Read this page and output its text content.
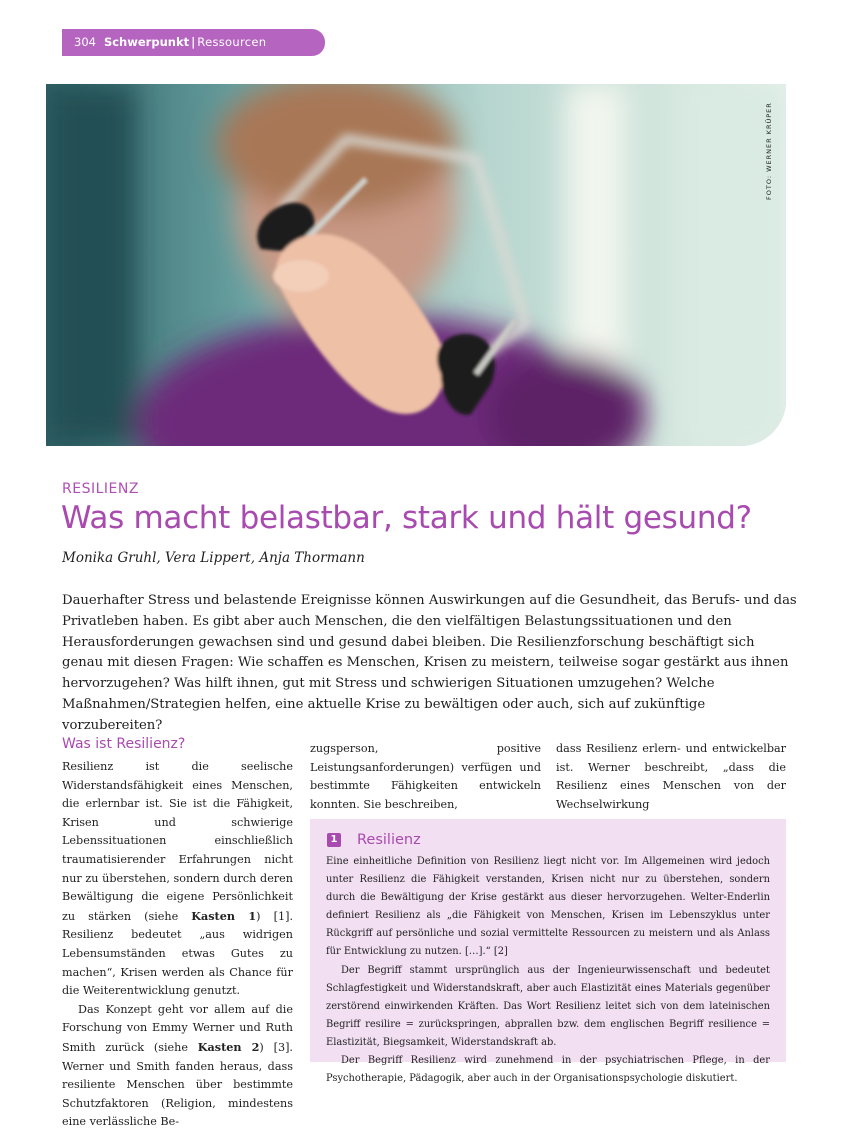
304 Schwerpunkt | Ressourcen
FOTO: WERNER KRÜPER
RESILIENZ
Was macht belastbar, stark und hält gesund?
Monika Gruhl, Vera Lippert, Anja Thormann
Dauerhafter Stress und belastende Ereignisse können Auswirkungen auf die Gesundheit, das Berufs- und das Privatleben haben. Es gibt aber auch Menschen, die den vielfältigen Belastungssituationen und den Herausforderungen gewachsen sind und gesund dabei bleiben. Die Resilienzforschung beschäftigt sich genau mit diesen Fragen: Wie schaffen es Menschen, Krisen zu meistern, teilweise sogar gestärkt aus ihnen hervorzugehen? Was hilft ihnen, gut mit Stress und schwierigen Situationen umzugehen? Welche Maßnahmen/Strategien helfen, eine aktuelle Krise zu bewältigen oder auch, sich auf zukünftige vorzubereiten?
Was ist Resilienz?

Resilienz ist die seelische Widerstandsfähigkeit eines Menschen, die erlernbar ist. Sie ist die Fähigkeit, Krisen und schwierige Lebenssituationen einschließlich traumatisierender Erfahrungen nicht nur zu überstehen, sondern durch deren Bewältigung die eigene Persönlichkeit zu stärken (siehe Kasten 1) [1]. Resilienz bedeutet „aus widrigen Lebensumständen etwas Gutes zu machen“, Krisen werden als Chance für die Weiterentwicklung genutzt.

Das Konzept geht vor allem auf die Forschung von Emmy Werner und Ruth Smith zurück (siehe Kasten 2) [3]. Werner und Smith fanden heraus, dass resiliente Menschen über bestimmte Schutzfaktoren (Religion, mindestens eine verlässliche Be-

zugsperson, positive Leistungsanforderungen) verfügen und bestimmte Fähigkeiten entwickeln konnten. Sie beschreiben,

dass Resilienz erlern- und entwickelbar ist. Werner beschreibt, „dass die Resilienz eines Menschen von der Wechselwirkung

1 Resilienz

Eine einheitliche Definition von Resilienz liegt nicht vor. Im Allgemeinen wird jedoch unter Resilienz die Fähigkeit verstanden, Krisen nicht nur zu überstehen, sondern durch die Bewältigung der Krise gestärkt aus dieser hervorzugehen. Welter-Enderlin definiert Resilienz als „die Fähigkeit von Menschen, Krisen im Lebenszyklus unter Rückgriff auf persönliche und sozial vermittelte Ressourcen zu meistern und als Anlass für Entwicklung zu nutzen. […].“ [2]

Der Begriff stammt ursprünglich aus der Ingenieurwissenschaft und bedeutet Schlagfestigkeit und Widerstandskraft, aber auch Elastizität eines Materials gegenüber zerstörend einwirkenden Kräften. Das Wort Resilienz leitet sich von dem lateinischen Begriff resilire = zurückspringen, abprallen bzw. dem englischen Begriff resilience = Elastizität, Biegsamkeit, Widerstandskraft ab.

Der Begriff Resilienz wird zunehmend in der psychiatrischen Pflege, in der Psychotherapie, Pädagogik, aber auch in der Organisationspsychologie diskutiert.
